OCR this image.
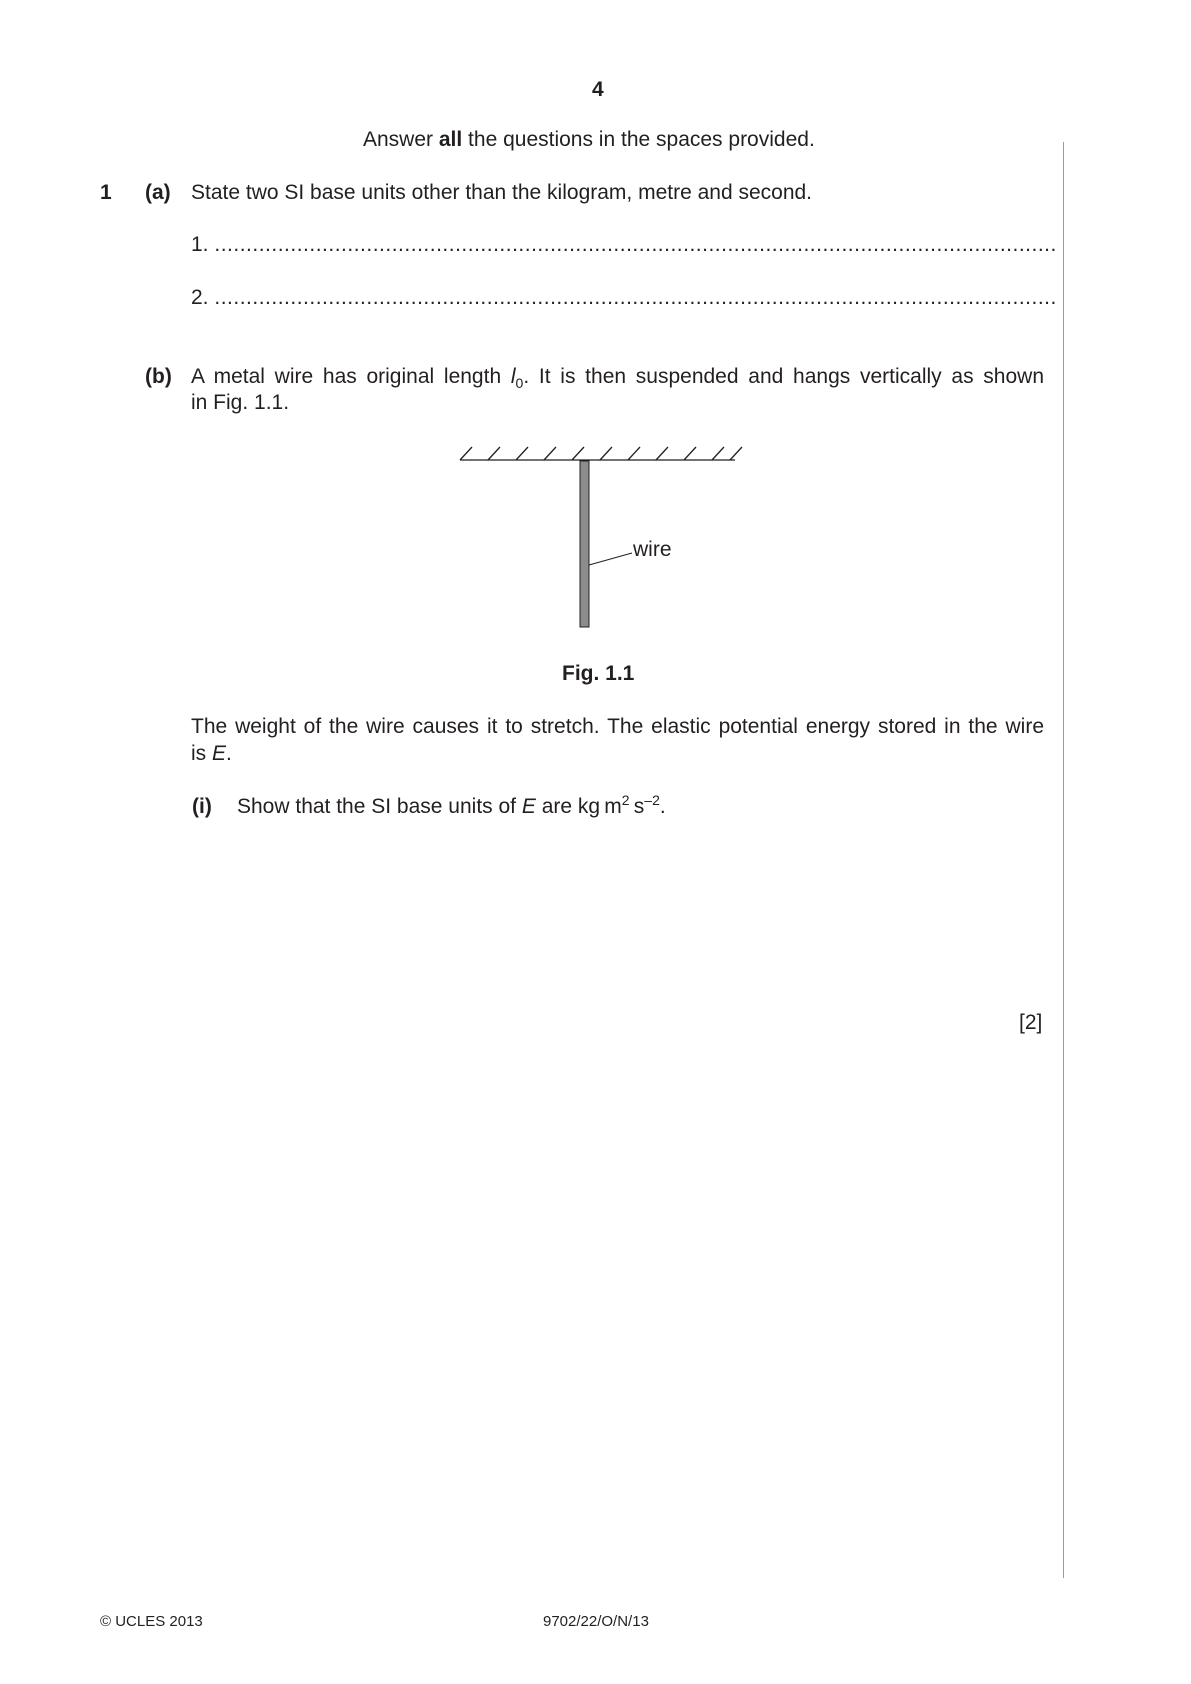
4
Answer all the questions in the spaces provided.
1 (a) State two SI base units other than the kilogram, metre and second.
1. .....................................................................................................................................
2. .....................................................................................................................................
(b) A metal wire has original length $l_0$. It is then suspended and hangs vertically as shown
in Fig. 1.1.
wire
Fig. 1.1
The weight of the wire causes it to stretch. The elastic potential energy stored in the wire
is E.
(i) Show that the SI base units of E are kg $m^2$ $s^{-2}$.
[2]
© UCLES 2013	9702/22/O/N/13
